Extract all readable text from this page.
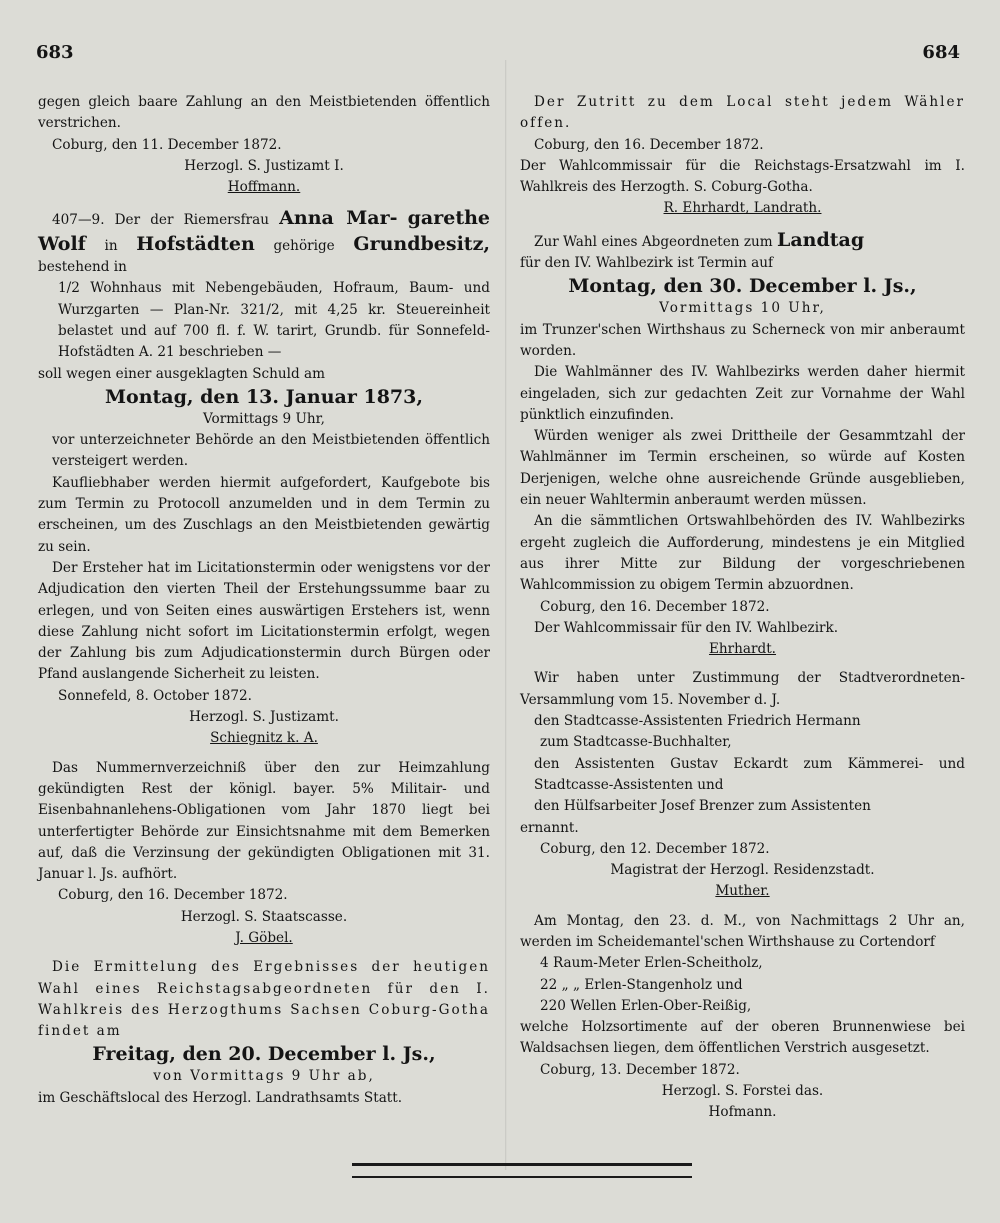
683	684

gegen gleich baare Zahlung an den Meistbietenden öffentlich verstrichen.

Coburg, den 11. December 1872.

Herzogl. S. Justizamt I.

Hoffmann.

407—9. Der der Riemersfrau Anna Mar- garethe Wolf in Hofstädten gehörige Grundbesitz, bestehend in

1/2 Wohnhaus mit Nebengebäuden, Hofraum, Baum- und Wurzgarten — Plan-Nr. 321/2, mit 4,25 kr. Steuereinheit belastet und auf 700 fl. f. W. tarirt, Grundb. für Sonnefeld-Hofstädten A. 21 beschrieben —

soll wegen einer ausgeklagten Schuld am

Montag, den 13. Januar 1873,

Vormittags 9 Uhr,

vor unterzeichneter Behörde an den Meistbietenden öffentlich versteigert werden.

Kaufliebhaber werden hiermit aufgefordert, Kaufgebote bis zum Termin zu Protocoll anzumelden und in dem Termin zu erscheinen, um des Zuschlags an den Meistbietenden gewärtig zu sein.

Der Ersteher hat im Licitationstermin oder wenigstens vor der Adjudication den vierten Theil der Erstehungssumme baar zu erlegen, und von Seiten eines auswärtigen Erstehers ist, wenn diese Zahlung nicht sofort im Licitationstermin erfolgt, wegen der Zahlung bis zum Adjudicationstermin durch Bürgen oder Pfand auslangende Sicherheit zu leisten.

Sonnefeld, 8. October 1872.

Herzogl. S. Justizamt.

Schiegnitz k. A.

Das Nummernverzeichniß über den zur Heimzahlung gekündigten Rest der königl. bayer. 5% Militair- und Eisenbahnanlehens-Obligationen vom Jahr 1870 liegt bei unterfertigter Behörde zur Einsichtsnahme mit dem Bemerken auf, daß die Verzinsung der gekündigten Obligationen mit 31. Januar l. Js. aufhört.

Coburg, den 16. December 1872.

Herzogl. S. Staatscasse.

J. Göbel.

Die Ermittelung des Ergebnisses der heutigen Wahl eines Reichstagsabgeordneten für den I. Wahlkreis des Herzogthums Sachsen Coburg-Gotha findet am

Freitag, den 20. December l. Js.,

von Vormittags 9 Uhr ab,

im Geschäftslocal des Herzogl. Landrathsamts Statt.

Der Zutritt zu dem Local steht jedem Wähler offen.

Coburg, den 16. December 1872.

Der Wahlcommissair für die Reichstags-Ersatzwahl im I. Wahlkreis des Herzogth. S. Coburg-Gotha.

R. Ehrhardt, Landrath.

Zur Wahl eines Abgeordneten zum Landtag

für den IV. Wahlbezirk ist Termin auf

Montag, den 30. December l. Js.,

Vormittags 10 Uhr,

im Trunzer'schen Wirthshaus zu Scherneck von mir anberaumt worden.

Die Wahlmänner des IV. Wahlbezirks werden daher hiermit eingeladen, sich zur gedachten Zeit zur Vornahme der Wahl pünktlich einzufinden.

Würden weniger als zwei Drittheile der Gesammtzahl der Wahlmänner im Termin erscheinen, so würde auf Kosten Derjenigen, welche ohne ausreichende Gründe ausgeblieben, ein neuer Wahltermin anberaumt werden müssen.

An die sämmtlichen Ortswahlbehörden des IV. Wahlbezirks ergeht zugleich die Aufforderung, mindestens je ein Mitglied aus ihrer Mitte zur Bildung der vorgeschriebenen Wahlcommission zu obigem Termin abzuordnen.

Coburg, den 16. December 1872.

Der Wahlcommissair für den IV. Wahlbezirk.

Ehrhardt.

Wir haben unter Zustimmung der Stadtverordneten-Versammlung vom 15. November d. J.

den Stadtcasse-Assistenten Friedrich Hermann

zum Stadtcasse-Buchhalter,

den Assistenten Gustav Eckardt zum Kämmerei- und Stadtcasse-Assistenten und

den Hülfsarbeiter Josef Brenzer zum Assistenten

ernannt.

Coburg, den 12. December 1872.

Magistrat der Herzogl. Residenzstadt.

Muther.

Am Montag, den 23. d. M., von Nachmittags 2 Uhr an, werden im Scheidemantel'schen Wirthshause zu Cortendorf

4 Raum-Meter Erlen-Scheitholz,

22 „ „ Erlen-Stangenholz und

220 Wellen Erlen-Ober-Reißig,

welche Holzsortimente auf der oberen Brunnenwiese bei Waldsachsen liegen, dem öffentlichen Verstrich ausgesetzt.

Coburg, 13. December 1872.

Herzogl. S. Forstei das.

Hofmann.
